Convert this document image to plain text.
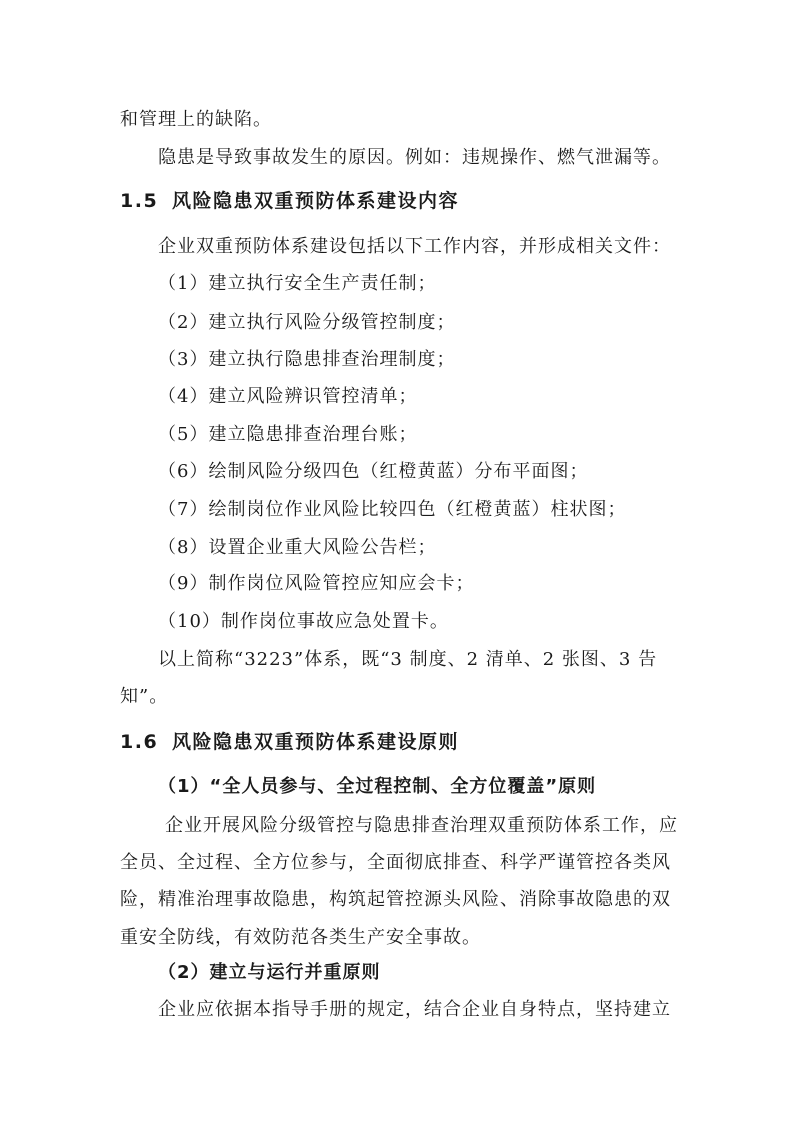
和管理上的缺陷。
隐患是导致事故发生的原因。例如：违规操作、燃气泄漏等。
1.5 风险隐患双重预防体系建设内容
企业双重预防体系建设包括以下工作内容，并形成相关文件：
（1）建立执行安全生产责任制；
（2）建立执行风险分级管控制度；
（3）建立执行隐患排查治理制度；
（4）建立风险辨识管控清单；
（5）建立隐患排查治理台账；
（6）绘制风险分级四色（红橙黄蓝）分布平面图；
（7）绘制岗位作业风险比较四色（红橙黄蓝）柱状图；
（8）设置企业重大风险公告栏；
（9）制作岗位风险管控应知应会卡；
（10）制作岗位事故应急处置卡。
以上简称“3223”体系，既“3 制度、2 清单、2 张图、3 告
知”。
1.6 风险隐患双重预防体系建设原则
（1）“全人员参与、全过程控制、全方位覆盖”原则
企业开展风险分级管控与隐患排查治理双重预防体系工作，应
全员、全过程、全方位参与，全面彻底排查、科学严谨管控各类风
险，精准治理事故隐患，构筑起管控源头风险、消除事故隐患的双
重安全防线，有效防范各类生产安全事故。
（2）建立与运行并重原则
企业应依据本指导手册的规定，结合企业自身特点，坚持建立
